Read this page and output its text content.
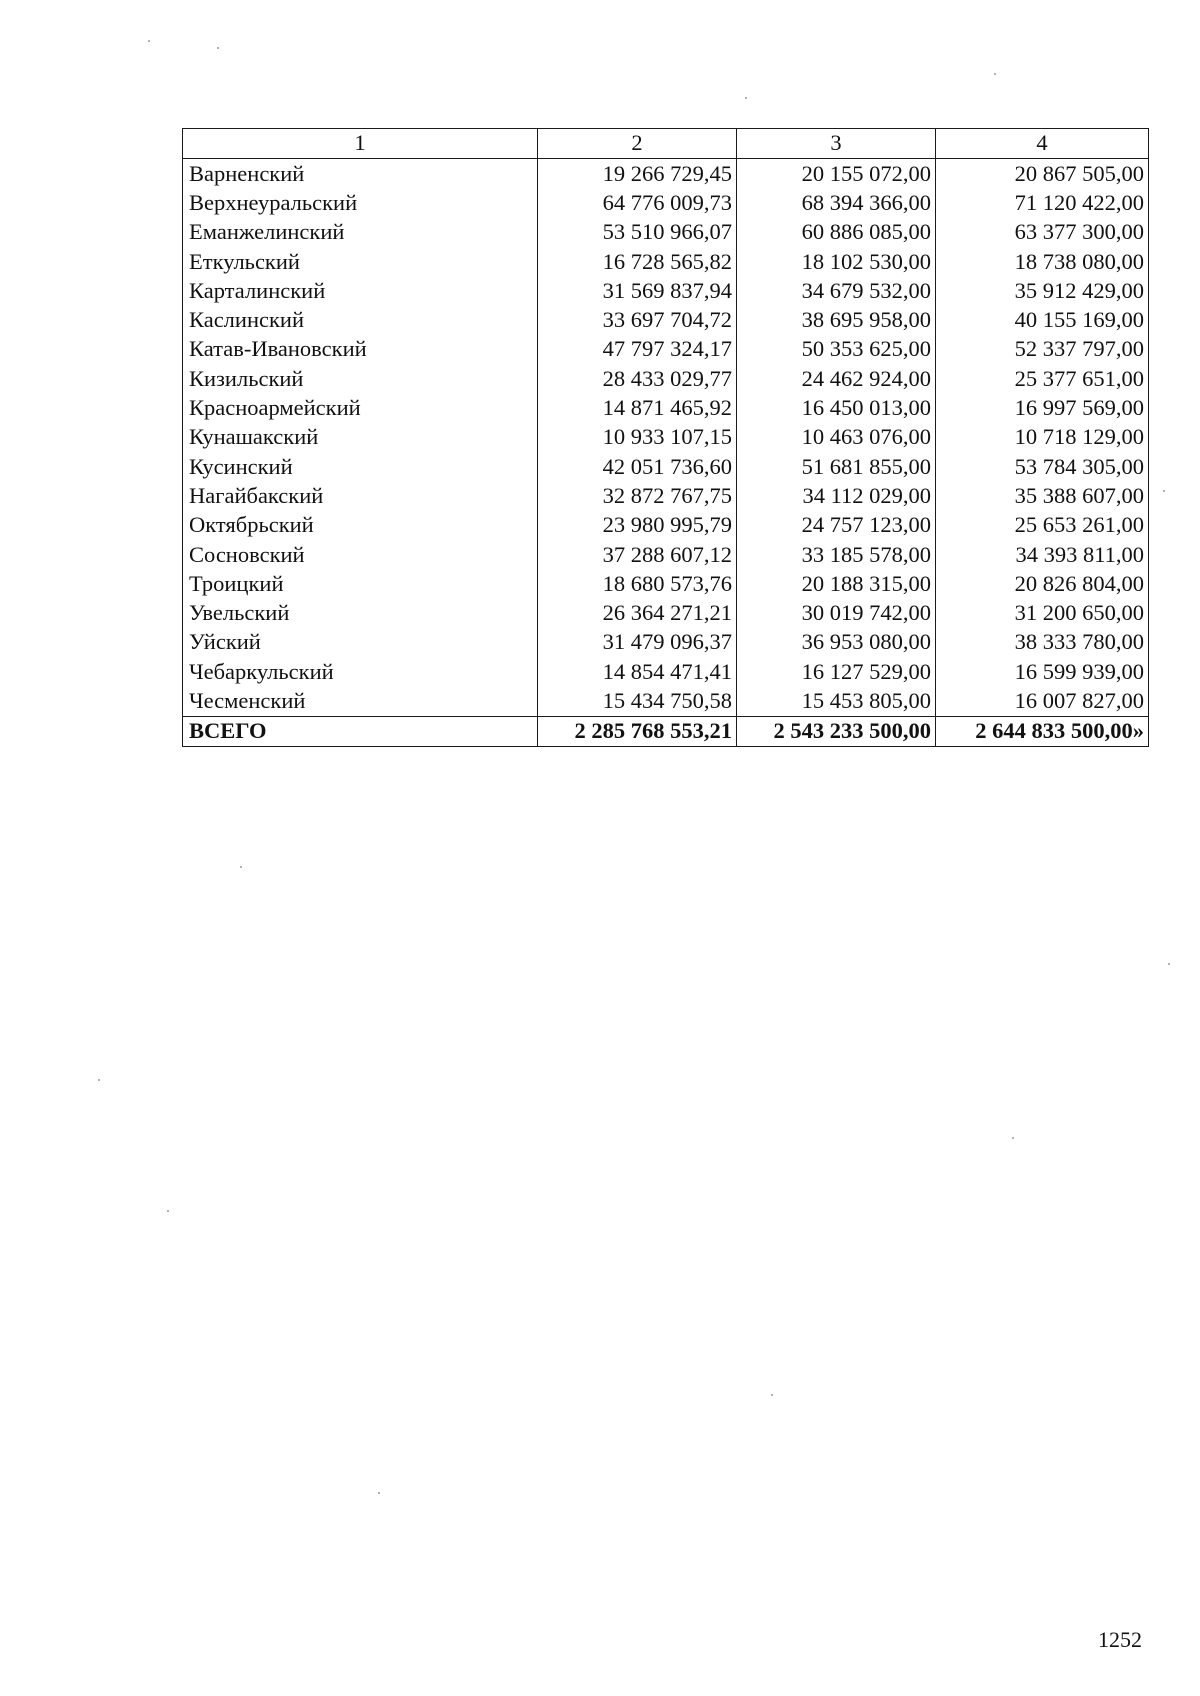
1	2	3	4
Варненский	19 266 729,45	20 155 072,00	20 867 505,00
Верхнеуральский	64 776 009,73	68 394 366,00	71 120 422,00
Еманжелинский	53 510 966,07	60 886 085,00	63 377 300,00
Еткульский	16 728 565,82	18 102 530,00	18 738 080,00
Карталинский	31 569 837,94	34 679 532,00	35 912 429,00
Каслинский	33 697 704,72	38 695 958,00	40 155 169,00
Катав-Ивановский	47 797 324,17	50 353 625,00	52 337 797,00
Кизильский	28 433 029,77	24 462 924,00	25 377 651,00
Красноармейский	14 871 465,92	16 450 013,00	16 997 569,00
Кунашакский	10 933 107,15	10 463 076,00	10 718 129,00
Кусинский	42 051 736,60	51 681 855,00	53 784 305,00
Нагайбакский	32 872 767,75	34 112 029,00	35 388 607,00
Октябрьский	23 980 995,79	24 757 123,00	25 653 261,00
Сосновский	37 288 607,12	33 185 578,00	34 393 811,00
Троицкий	18 680 573,76	20 188 315,00	20 826 804,00
Увельский	26 364 271,21	30 019 742,00	31 200 650,00
Уйский	31 479 096,37	36 953 080,00	38 333 780,00
Чебаркульский	14 854 471,41	16 127 529,00	16 599 939,00
Чесменский	15 434 750,58	15 453 805,00	16 007 827,00
ВСЕГО	2 285 768 553,21	2 543 233 500,00	2 644 833 500,00»
1252
